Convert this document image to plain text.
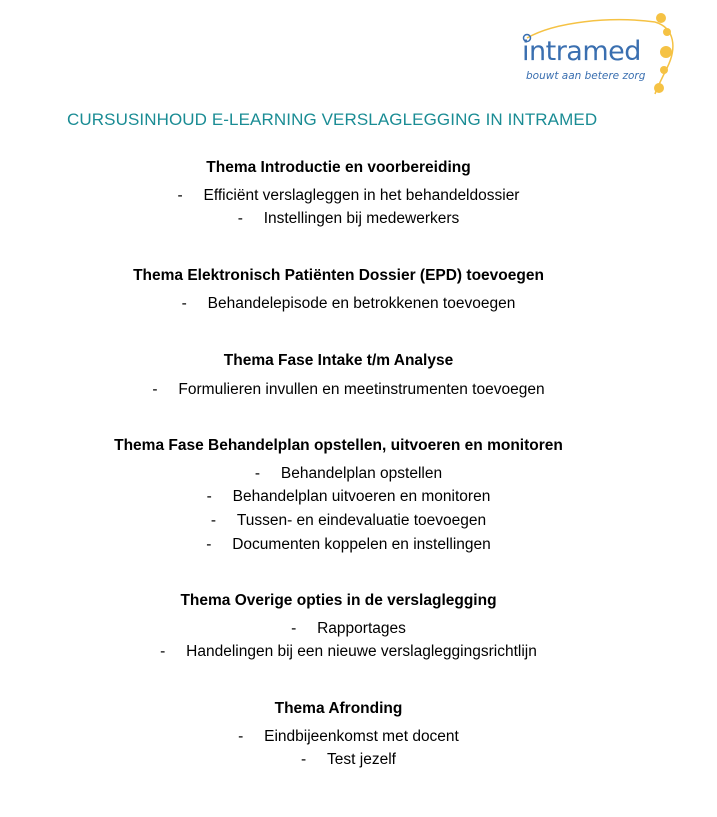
intramed
bouwt aan betere zorg
CURSUSINHOUD E-LEARNING VERSLAGLEGGING IN INTRAMED
Thema Introductie en voorbereiding
- Efficiënt verslagleggen in het behandeldossier
- Instellingen bij medewerkers
Thema Elektronisch Patiënten Dossier (EPD) toevoegen
- Behandelepisode en betrokkenen toevoegen
Thema Fase Intake t/m Analyse
- Formulieren invullen en meetinstrumenten toevoegen
Thema Fase Behandelplan opstellen, uitvoeren en monitoren
- Behandelplan opstellen
- Behandelplan uitvoeren en monitoren
- Tussen- en eindevaluatie toevoegen
- Documenten koppelen en instellingen
Thema Overige opties in de verslaglegging
- Rapportages
- Handelingen bij een nieuwe verslagleggingsrichtlijn
Thema Afronding
- Eindbijeenkomst met docent
- Test jezelf
